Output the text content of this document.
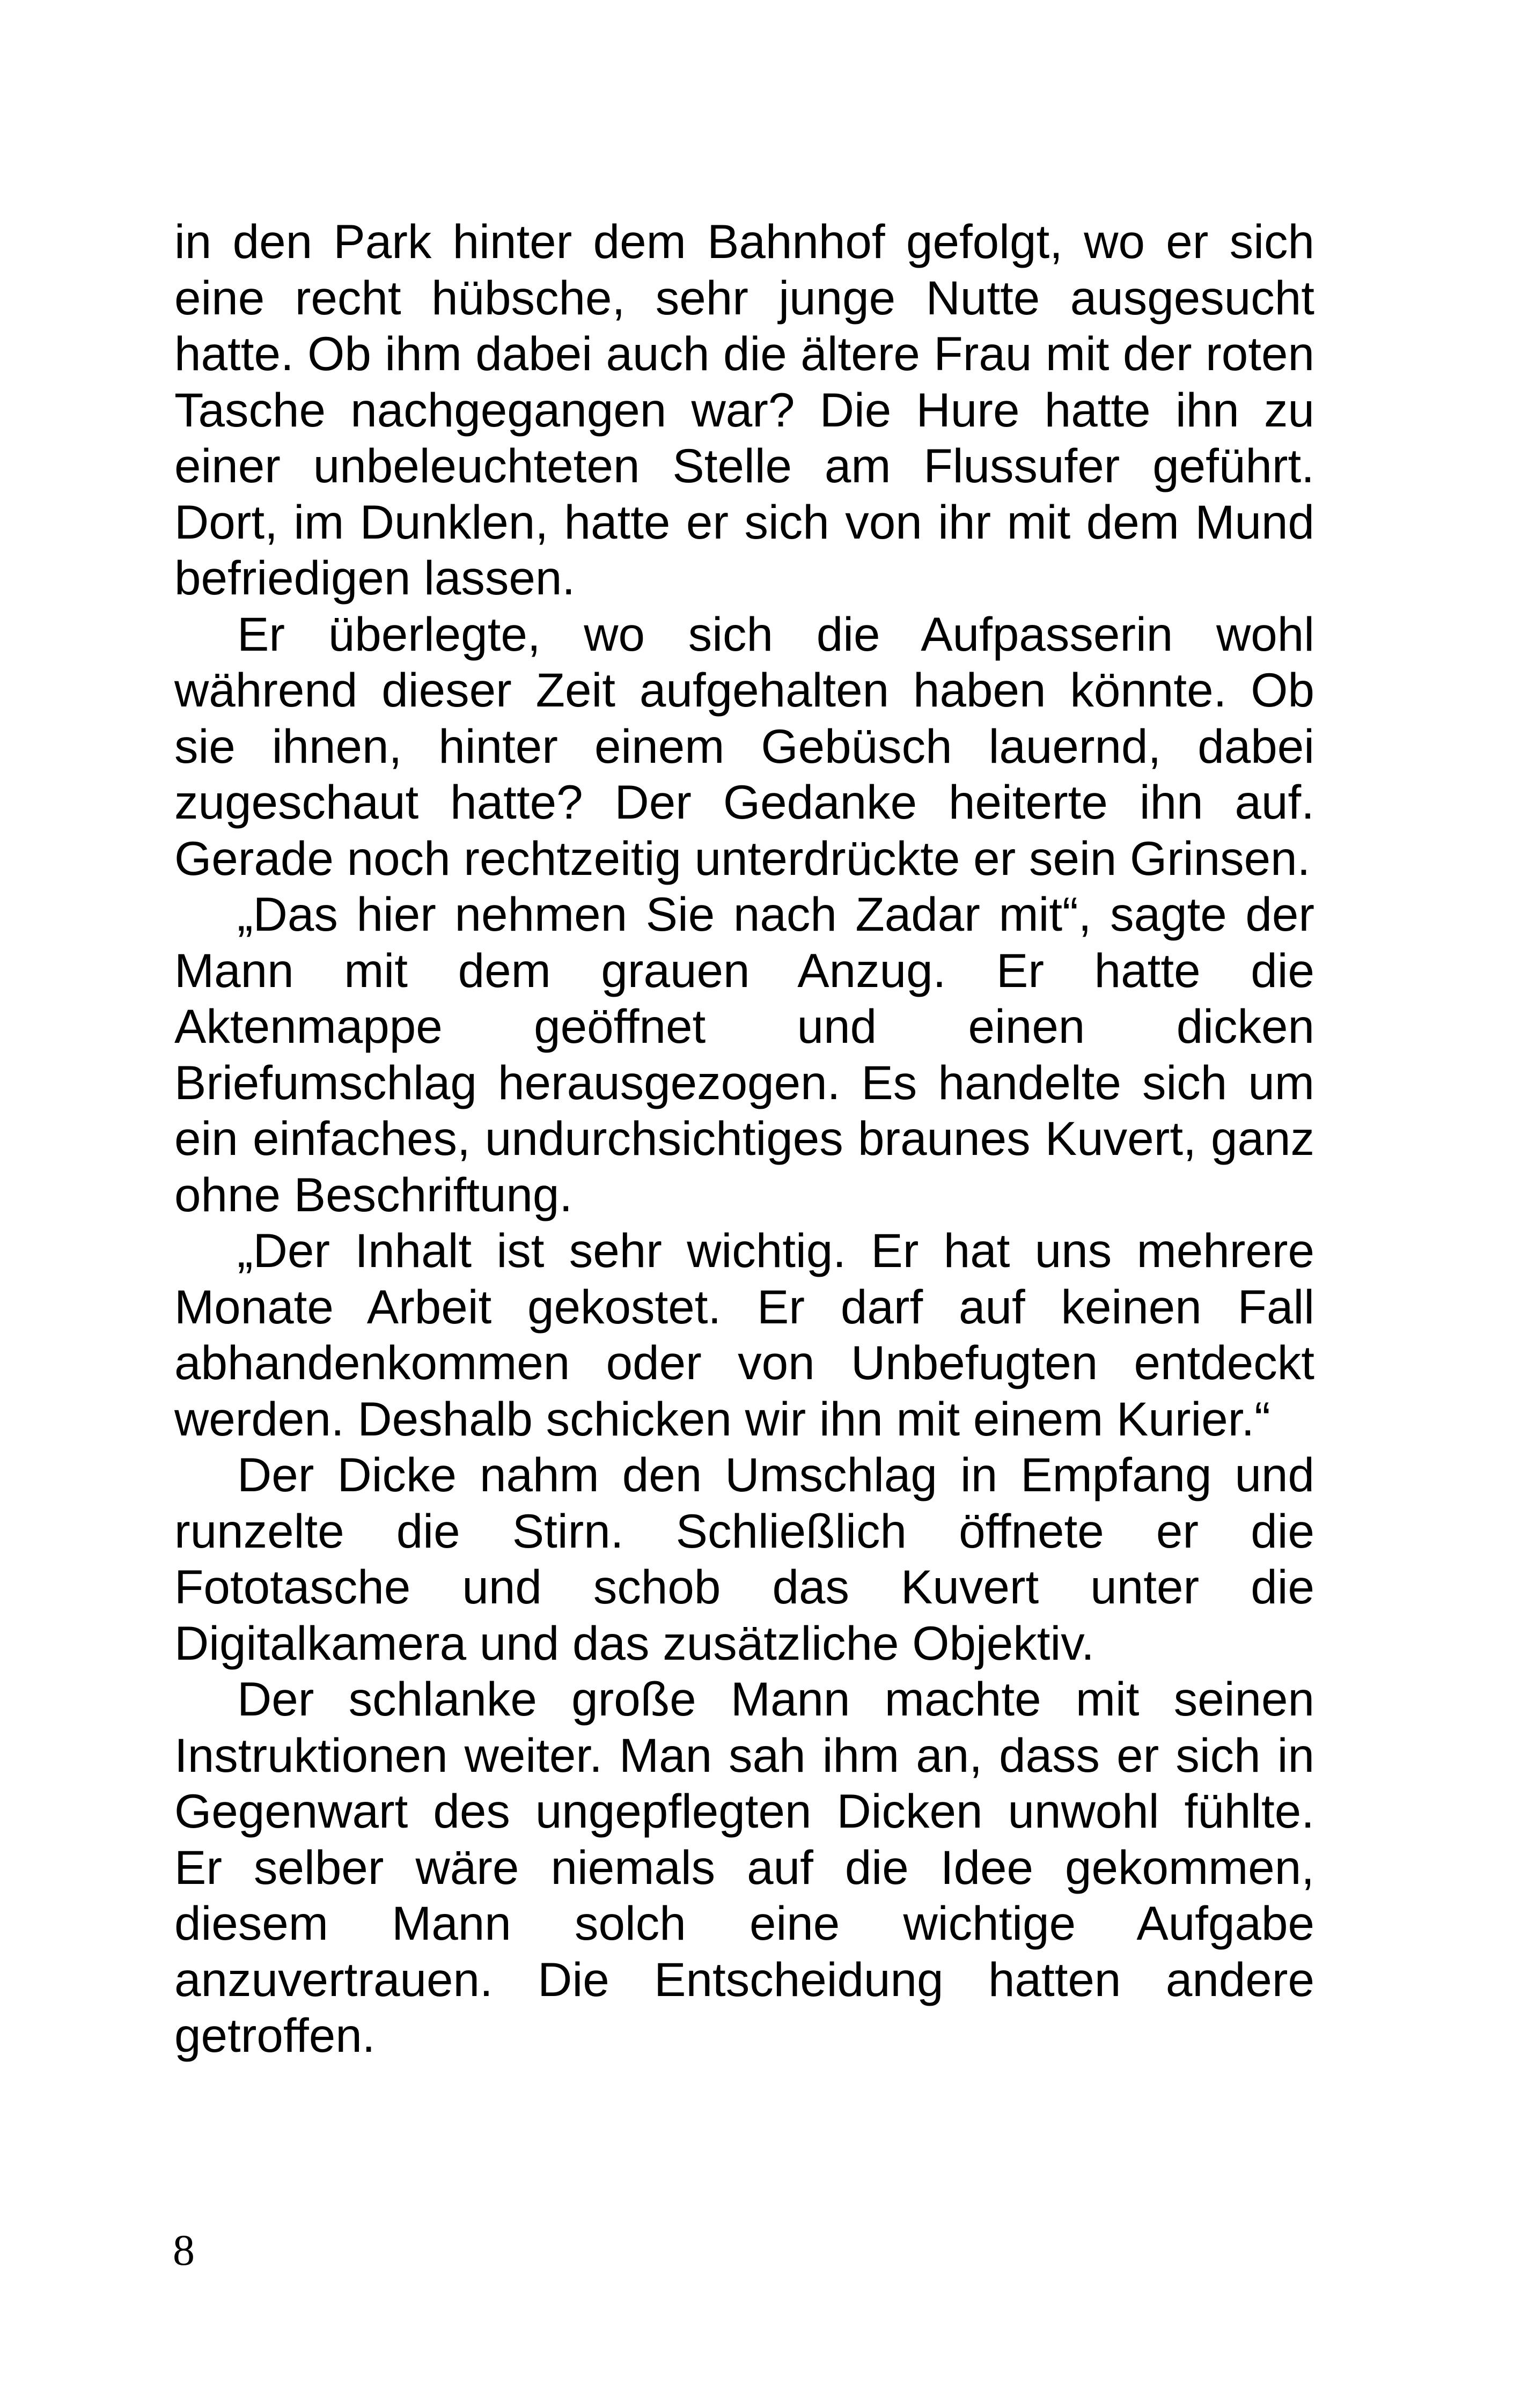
in den Park hinter dem Bahnhof gefolgt, wo er sich eine recht hübsche, sehr junge Nutte ausgesucht hatte. Ob ihm dabei auch die ältere Frau mit der roten Tasche nachgegangen war? Die Hure hatte ihn zu einer unbeleuchteten Stelle am Flussufer geführt. Dort, im Dunklen, hatte er sich von ihr mit dem Mund befriedigen lassen.

Er überlegte, wo sich die Aufpasserin wohl während dieser Zeit aufgehalten haben könnte. Ob sie ihnen, hinter einem Gebüsch lauernd, dabei zugeschaut hatte? Der Gedanke heiterte ihn auf. Gerade noch rechtzeitig unterdrückte er sein Grinsen.

„Das hier nehmen Sie nach Zadar mit“, sagte der Mann mit dem grauen Anzug. Er hatte die Aktenmappe geöffnet und einen dicken Briefumschlag herausgezogen. Es handelte sich um ein einfaches, undurchsichtiges braunes Kuvert, ganz ohne Beschriftung.

„Der Inhalt ist sehr wichtig. Er hat uns mehrere Monate Arbeit gekostet. Er darf auf keinen Fall abhandenkommen oder von Unbefugten entdeckt werden. Deshalb schicken wir ihn mit einem Kurier.“

Der Dicke nahm den Umschlag in Empfang und runzelte die Stirn. Schließlich öffnete er die Fototasche und schob das Kuvert unter die Digitalkamera und das zusätzliche Objektiv.

Der schlanke große Mann machte mit seinen Instruktionen weiter. Man sah ihm an, dass er sich in Gegenwart des ungepflegten Dicken unwohl fühlte. Er selber wäre niemals auf die Idee gekommen, diesem Mann solch eine wichtige Aufgabe anzuvertrauen. Die Entscheidung hatten andere getroffen.

8
